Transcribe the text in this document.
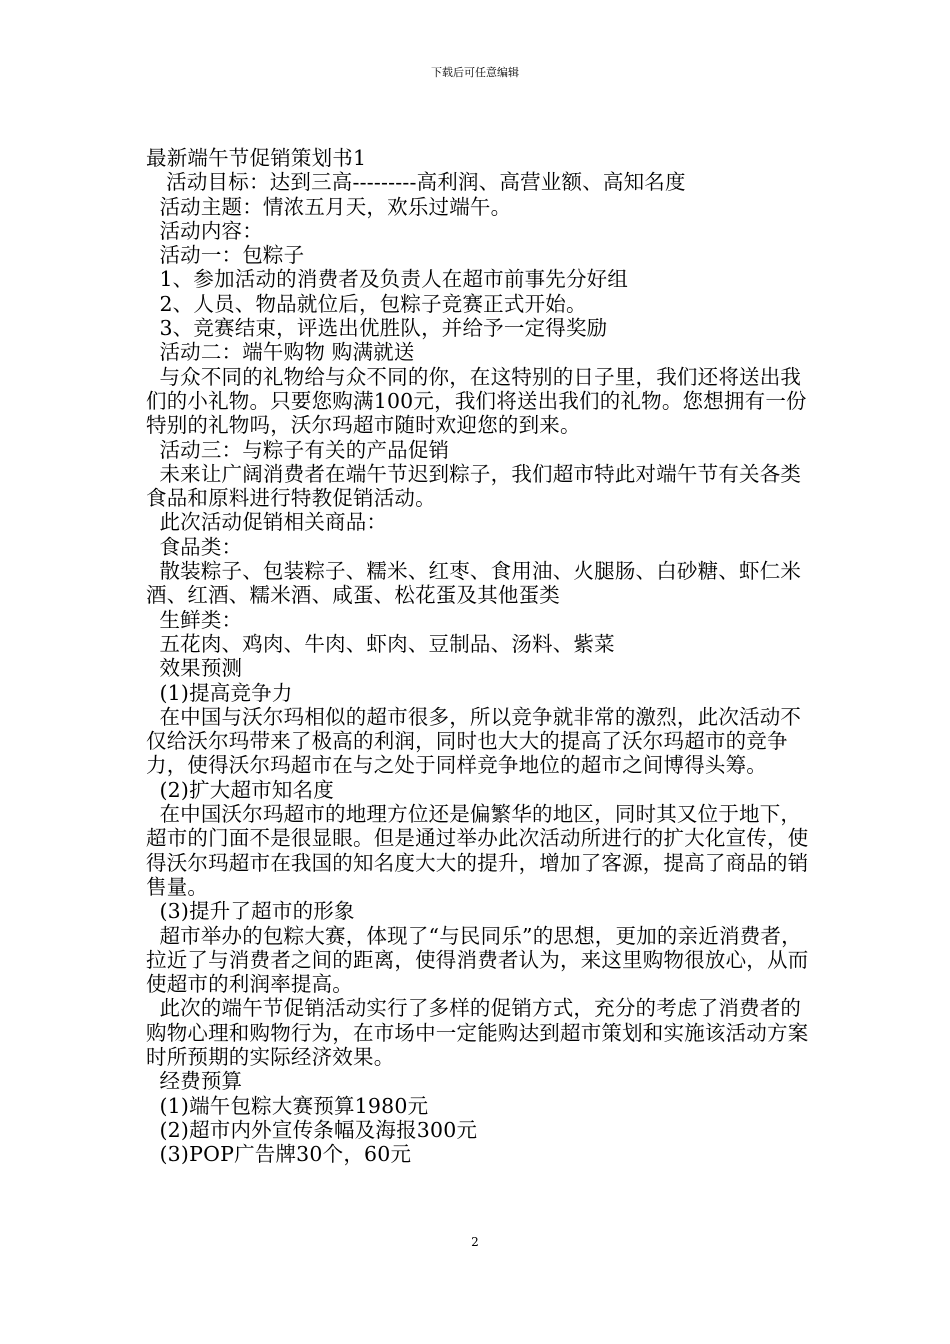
下载后可任意编辑

最新端午节促销策划书1

活动目标：达到三高---------高利润、高营业额、高知名度

活动主题：情浓五月天，欢乐过端午。

活动内容：

活动一：包粽子

1、参加活动的消费者及负责人在超市前事先分好组

2、人员、物品就位后，包粽子竞赛正式开始。

3、竞赛结束，评选出优胜队，并给予一定得奖励

活动二：端午购物 购满就送

与众不同的礼物给与众不同的你，在这特别的日子里，我们还将送出我们的小礼物。只要您购满100元，我们将送出我们的礼物。您想拥有一份特别的礼物吗，沃尔玛超市随时欢迎您的到来。

活动三：与粽子有关的产品促销

未来让广阔消费者在端午节迟到粽子，我们超市特此对端午节有关各类食品和原料进行特教促销活动。

此次活动促销相关商品：

食品类：

散装粽子、包装粽子、糯米、红枣、食用油、火腿肠、白砂糖、虾仁米酒、红酒、糯米酒、咸蛋、松花蛋及其他蛋类

生鲜类：

五花肉、鸡肉、牛肉、虾肉、豆制品、汤料、紫菜

效果预测

(1)提高竞争力

在中国与沃尔玛相似的超市很多，所以竞争就非常的激烈，此次活动不仅给沃尔玛带来了极高的利润，同时也大大的提高了沃尔玛超市的竞争力，使得沃尔玛超市在与之处于同样竞争地位的超市之间博得头筹。

(2)扩大超市知名度

在中国沃尔玛超市的地理方位还是偏繁华的地区，同时其又位于地下，超市的门面不是很显眼。但是通过举办此次活动所进行的扩大化宣传，使得沃尔玛超市在我国的知名度大大的提升，增加了客源，提高了商品的销售量。

(3)提升了超市的形象

超市举办的包粽大赛，体现了“与民同乐”的思想，更加的亲近消费者，拉近了与消费者之间的距离，使得消费者认为，来这里购物很放心，从而使超市的利润率提高。

此次的端午节促销活动实行了多样的促销方式，充分的考虑了消费者的购物心理和购物行为，在市场中一定能购达到超市策划和实施该活动方案时所预期的实际经济效果。

经费预算

(1)端午包粽大赛预算1980元

(2)超市内外宣传条幅及海报300元

(3)POP广告牌30个，60元

2
